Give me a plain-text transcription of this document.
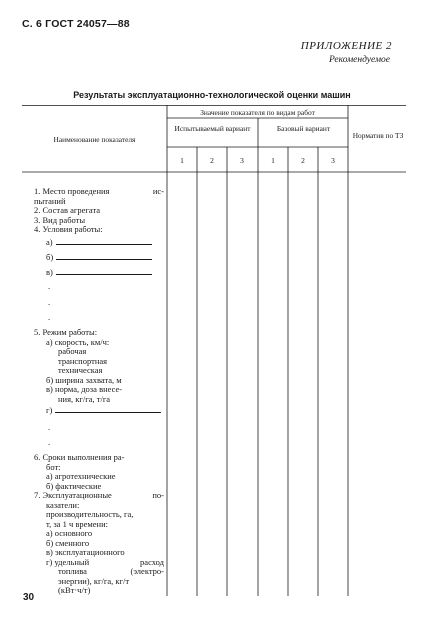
С. 6 ГОСТ 24057—88
ПРИЛОЖЕНИЕ 2
Рекомендуемое
Результаты эксплуатационно-технологической оценки машин
Наименование показателя
Значение показателя по видам работ
Испытываемый вариант	Базовый вариант
Норматив по ТЗ
1	2	3	1	2	3
1. Место проведения	ис-
пытаний
2. Состав агрегата
3. Вид работы
4. Условия работы:
а)
б)
в)
.
.
.
5. Режим работы:
а) скорость, км/ч:
рабочая
транспортная
техническая
б) ширина захвата, м
в) норма, доза внесе-
ния, кг/га, т/га
г)
.
.
6. Сроки выполнения ра-
бот:
а) агротехнические
б) фактические
7. Эксплуатационные	по-
казатели:
производительность, га,
т, за 1 ч времени:
а) основного
б) сменного
в) эксплуатационного
г) удельный	расход
топлива	(электро-
энергии), кг/га, кг/т
(кВт·ч/т)
30
